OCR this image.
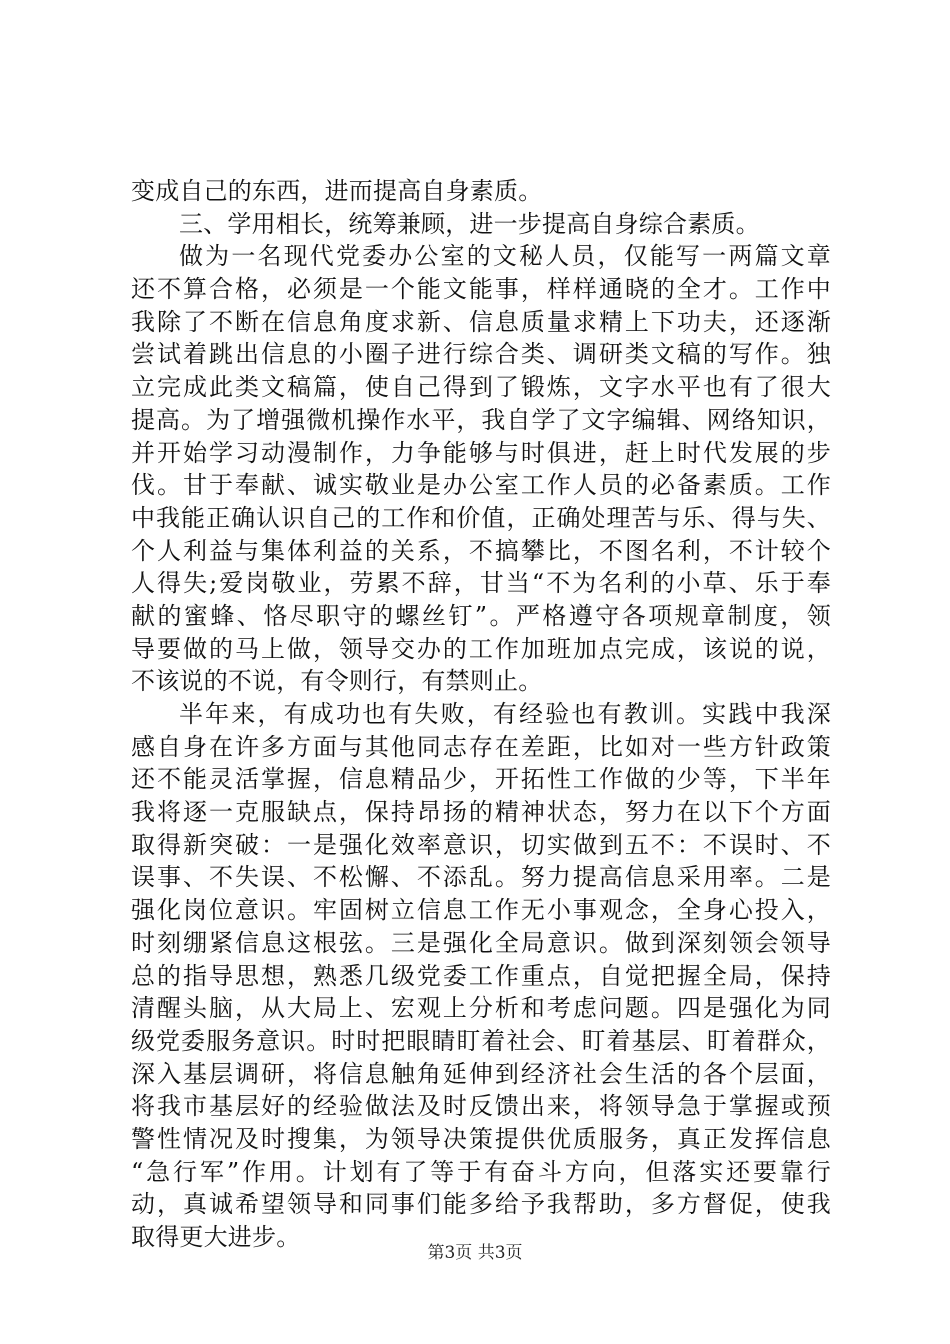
变成自己的东西，进而提高自身素质。
三、学用相长，统筹兼顾，进一步提高自身综合素质。
做为一名现代党委办公室的文秘人员，仅能写一两篇文章
还不算合格，必须是一个能文能事，样样通晓的全才。工作中
我除了不断在信息角度求新、信息质量求精上下功夫，还逐渐
尝试着跳出信息的小圈子进行综合类、调研类文稿的写作。独
立完成此类文稿篇，使自己得到了锻炼，文字水平也有了很大
提高。为了增强微机操作水平，我自学了文字编辑、网络知识，
并开始学习动漫制作，力争能够与时俱进，赶上时代发展的步
伐。甘于奉献、诚实敬业是办公室工作人员的必备素质。工作
中我能正确认识自己的工作和价值，正确处理苦与乐、得与失、
个人利益与集体利益的关系，不搞攀比，不图名利，不计较个
人得失;爱岗敬业，劳累不辞，甘当“不为名利的小草、乐于奉
献的蜜蜂、恪尽职守的螺丝钉”。严格遵守各项规章制度，领
导要做的马上做，领导交办的工作加班加点完成，该说的说，
不该说的不说，有令则行，有禁则止。
半年来，有成功也有失败，有经验也有教训。实践中我深
感自身在许多方面与其他同志存在差距，比如对一些方针政策
还不能灵活掌握，信息精品少，开拓性工作做的少等，下半年
我将逐一克服缺点，保持昂扬的精神状态，努力在以下个方面
取得新突破：一是强化效率意识，切实做到五不：不误时、不
误事、不失误、不松懈、不添乱。努力提高信息采用率。二是
强化岗位意识。牢固树立信息工作无小事观念，全身心投入，
时刻绷紧信息这根弦。三是强化全局意识。做到深刻领会领导
总的指导思想，熟悉几级党委工作重点，自觉把握全局，保持
清醒头脑，从大局上、宏观上分析和考虑问题。四是强化为同
级党委服务意识。时时把眼睛盯着社会、盯着基层、盯着群众，
深入基层调研，将信息触角延伸到经济社会生活的各个层面，
将我市基层好的经验做法及时反馈出来，将领导急于掌握或预
警性情况及时搜集，为领导决策提供优质服务，真正发挥信息
“急行军”作用。计划有了等于有奋斗方向，但落实还要靠行
动，真诚希望领导和同事们能多给予我帮助，多方督促，使我
取得更大进步。
第3页 共3页
